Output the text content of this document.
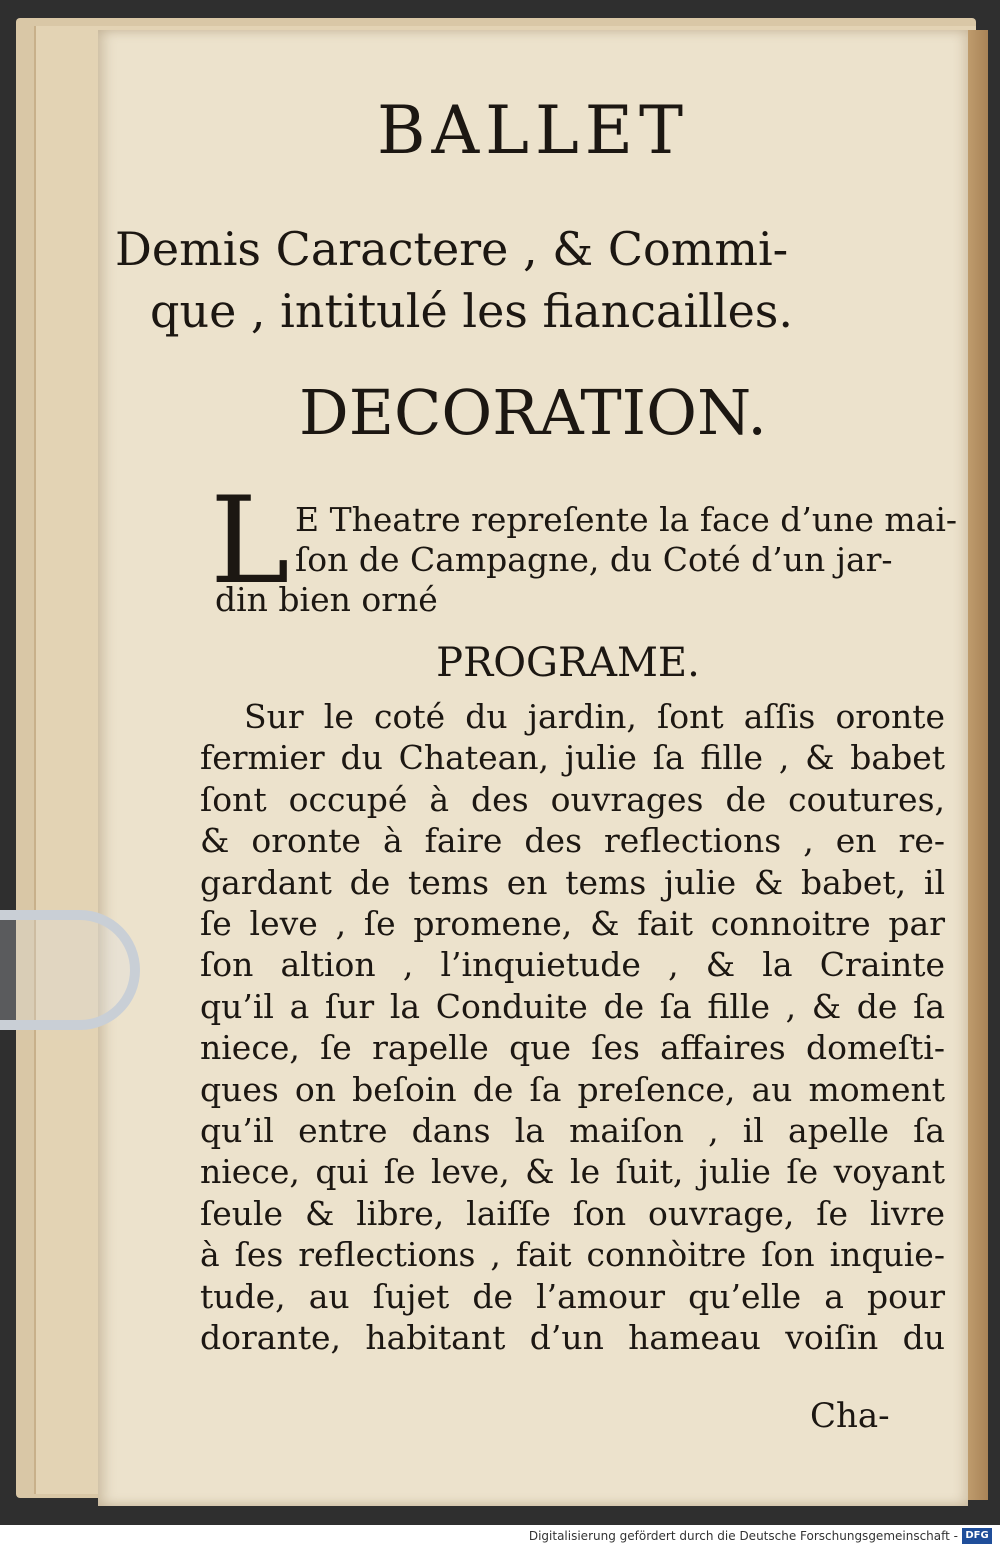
BALLET
Demis Caractere , & Commi-
que , intitulé les fiancailles.
DECORATION.
L E Theatre repreſente la face d’une mai-
ſon de Campagne, du Coté d’un jar-
din bien orné
PROGRAME.
Sur le coté du jardin, ſont aſſis oronte
fermier du Chatean, julie ſa fille , & babet
ſont occupé à des ouvrages de coutures,
& oronte à faire des reflections , en re-
gardant de tems en tems julie & babet, il
ſe leve , ſe promene, & fait connoitre par
ſon altion , l’inquietude , & la Crainte
qu’il a ſur la Conduite de ſa fille , & de ſa
niece, ſe rapelle que ſes affaires domeſti-
ques on beſoin de ſa preſence, au moment
qu’il entre dans la maiſon , il apelle ſa
niece, qui ſe leve, & le ſuit, julie ſe voyant
ſeule & libre, laiſſe ſon ouvrage, ſe livre
à ſes reflections , fait connòitre ſon inquie-
tude, au ſujet de l’amour qu’elle a pour
dorante, habitant d’un hameau voiſin du
Cha-
Digitalisierung gefördert durch die Deutsche Forschungsgemeinschaft - DFG
